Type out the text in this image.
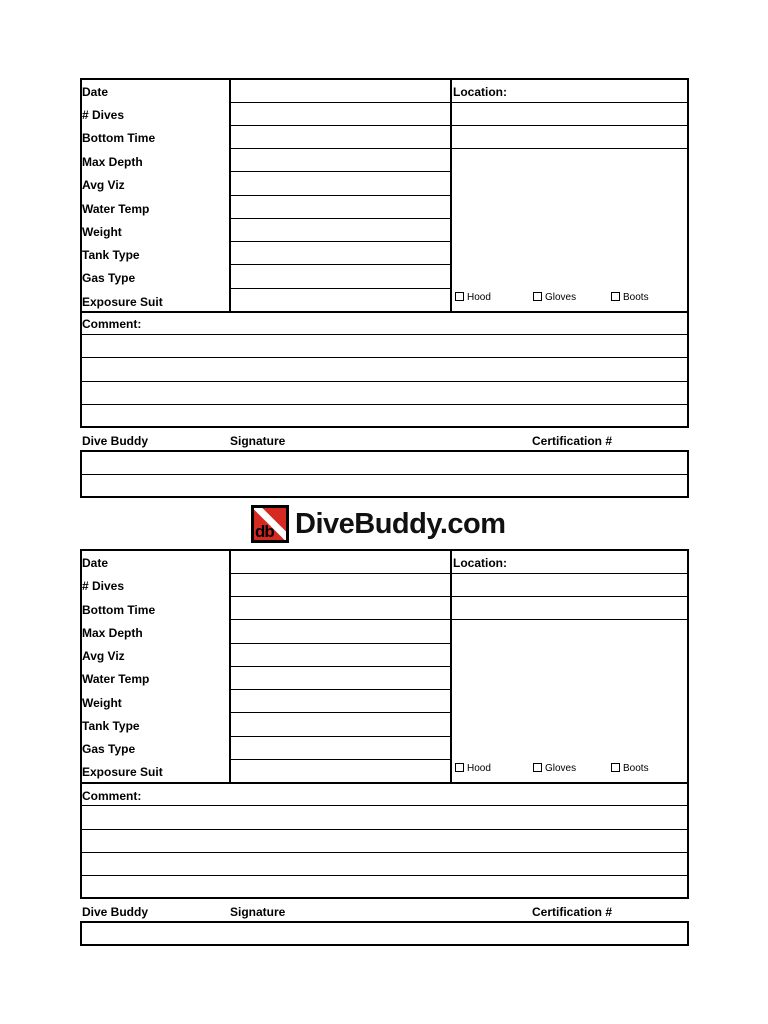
Date
# Dives
Bottom Time
Max Depth
Avg Viz
Water Temp
Weight
Tank Type
Gas Type
Exposure Suit
Location:
Hood	Gloves	Boots
Comment:
Dive Buddy	Signature	Certification #
db DiveBuddy.com
Date
# Dives
Bottom Time
Max Depth
Avg Viz
Water Temp
Weight
Tank Type
Gas Type
Exposure Suit
Location:
Hood	Gloves	Boots
Comment:
Dive Buddy	Signature	Certification #
